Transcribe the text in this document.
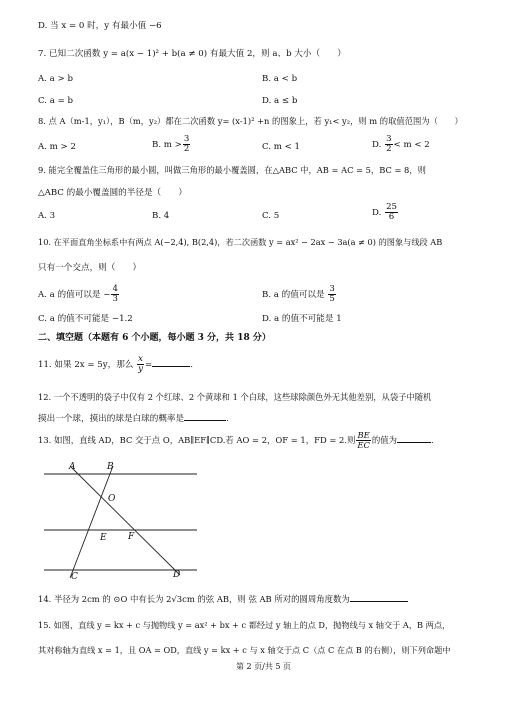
D. 当 x = 0 时，y 有最小值 −6
7. 已知二次函数 y = a(x − 1)² + b(a ≠ 0) 有最大值 2，则 a、b 大小（　　）
A. a > b	B. a < b
C. a = b	D. a ≤ b
8. 点 A（m-1，y₁），B（m，y₂）都在二次函数 y= (x-1)² +n 的图象上，若 y₁< y₂，则 m 的取值范围为（　　）
A. m > 2	B. $m > \frac{3}{2}$	C. m < 1	D. $\frac{3}{2} < m < 2$
9. 能完全覆盖住三角形的最小圆，叫做三角形的最小覆盖圆，在△ABC 中，AB = AC = 5，BC = 8，则
△ABC 的最小覆盖圆的半径是（　　）
A. 3	B. 4	C. 5	D. $\frac{25}{6}$
10. 在平面直角坐标系中有两点 A(−2,4), B(2,4)，若二次函数 y = ax² − 2ax − 3a(a ≠ 0) 的图象与线段 AB
只有一个交点，则（　　）
A. a 的值可以是 − $\frac{4}{3}$	B. a 的值可以是 $\frac{3}{5}$
C. a 的值不可能是 −1.2	D. a 的值不可能是 1
二、填空题（本题有 6 个小题，每小题 3 分，共 18 分）
11. 如果 2x = 5y，那么 $\frac{x}{y}$ =	.
12. 一个不透明的袋子中仅有 2 个红球、2 个黄球和 1 个白球，这些球除颜色外无其他差别，从袋子中随机
摸出一个球，摸出的球是白球的概率是	.
13. 如图，直线 AD，BC 交于点 O，AB∥EF∥CD.若 AO = 2，OF = 1，FD = 2.则 $\frac{BE}{EC}$ 的值为	.
A	B
O
E F
C	D
14. 半径为 2cm 的 ⊙O 中有长为 2√3cm 的弦 AB，则 弦 AB 所对的圆周角度数为
15. 如图，直线 y = kx + c 与抛物线 y = ax² + bx + c 都经过 y 轴上的点 D，抛物线与 x 轴交于 A，B 两点，
其对称轴为直线 x = 1，且 OA = OD，直线 y = kx + c 与 x 轴交于点 C（点 C 在点 B 的右侧），则下列命题中
第 2 页/共 5 页
